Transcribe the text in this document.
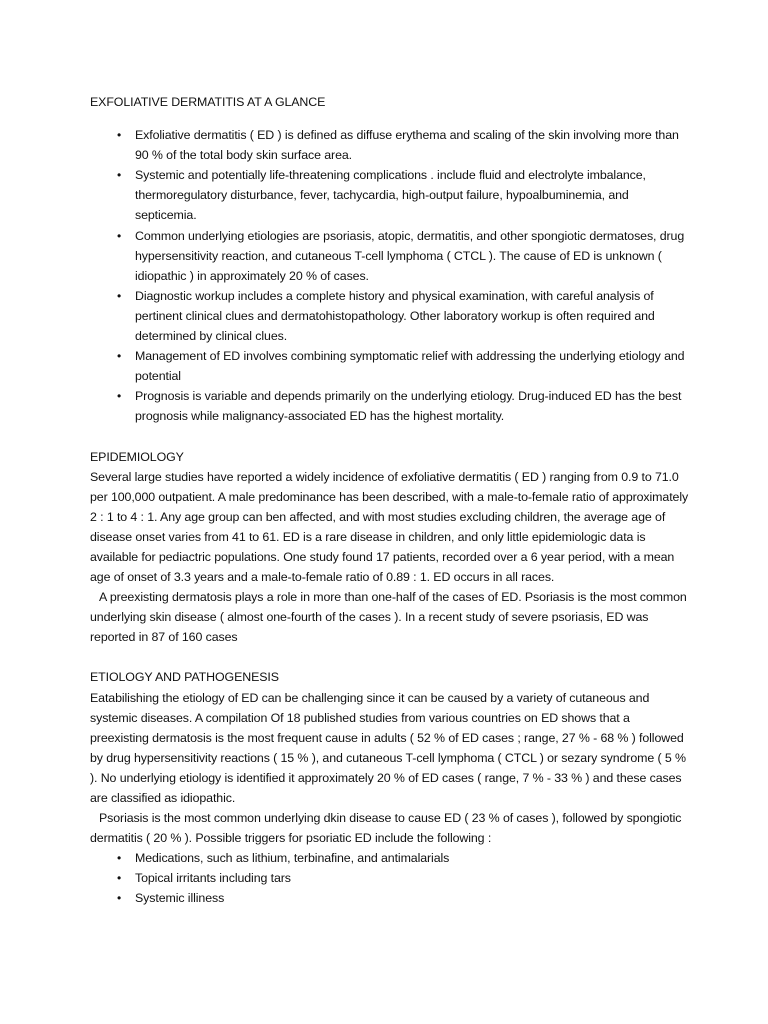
EXFOLIATIVE DERMATITIS AT A GLANCE
• Exfoliative dermatitis ( ED ) is defined as diffuse erythema and scaling of the skin involving more than 90 % of the total body skin surface area.
• Systemic and potentially life-threatening complications . include fluid and electrolyte imbalance, thermoregulatory disturbance, fever, tachycardia, high-output failure, hypoalbuminemia, and septicemia.
• Common underlying etiologies are psoriasis, atopic, dermatitis, and other spongiotic dermatoses, drug hypersensitivity reaction, and cutaneous T-cell lymphoma ( CTCL ). The cause of ED is unknown ( idiopathic ) in approximately 20 % of cases.
• Diagnostic workup includes a complete history and physical examination, with careful analysis of pertinent clinical clues and dermatohistopathology. Other laboratory workup is often required and determined by clinical clues.
• Management of ED involves combining symptomatic relief with addressing the underlying etiology and potential
• Prognosis is variable and depends primarily on the underlying etiology. Drug-induced ED has the best prognosis while malignancy-associated ED has the highest mortality.
EPIDEMIOLOGY

Several large studies have reported a widely incidence of exfoliative dermatitis ( ED ) ranging from 0.9 to 71.0 per 100,000 outpatient. A male predominance has been described, with a male-to-female ratio of approximately 2 : 1 to 4 : 1. Any age group can ben affected, and with most studies excluding children, the average age of disease onset varies from 41 to 61. ED is a rare disease in children, and only little epidemiologic data is available for pediactric populations. One study found 17 patients, recorded over a 6 year period, with a mean age of onset of 3.3 years and a male-to-female ratio of 0.89 : 1. ED occurs in all races.

A preexisting dermatosis plays a role in more than one-half of the cases of ED. Psoriasis is the most common underlying skin disease ( almost one-fourth of the cases ). In a recent study of severe psoriasis, ED was reported in 87 of 160 cases

ETIOLOGY AND PATHOGENESIS

Eatabilishing the etiology of ED can be challenging since it can be caused by a variety of cutaneous and systemic diseases. A compilation Of 18 published studies from various countries on ED shows that a preexisting dermatosis is the most frequent cause in adults ( 52 % of ED cases ; range, 27 % - 68 % ) followed by drug hypersensitivity reactions ( 15 % ), and cutaneous T-cell lymphoma ( CTCL ) or sezary syndrome ( 5 % ). No underlying etiology is identified it approximately 20 % of ED cases ( range, 7 % - 33 % ) and these cases are classified as idiopathic.

Psoriasis is the most common underlying dkin disease to cause ED ( 23 % of cases ), followed by spongiotic dermatitis ( 20 % ). Possible triggers for psoriatic ED include the following :

• Medications, such as lithium, terbinafine, and antimalarials
• Topical irritants including tars
• Systemic illiness
